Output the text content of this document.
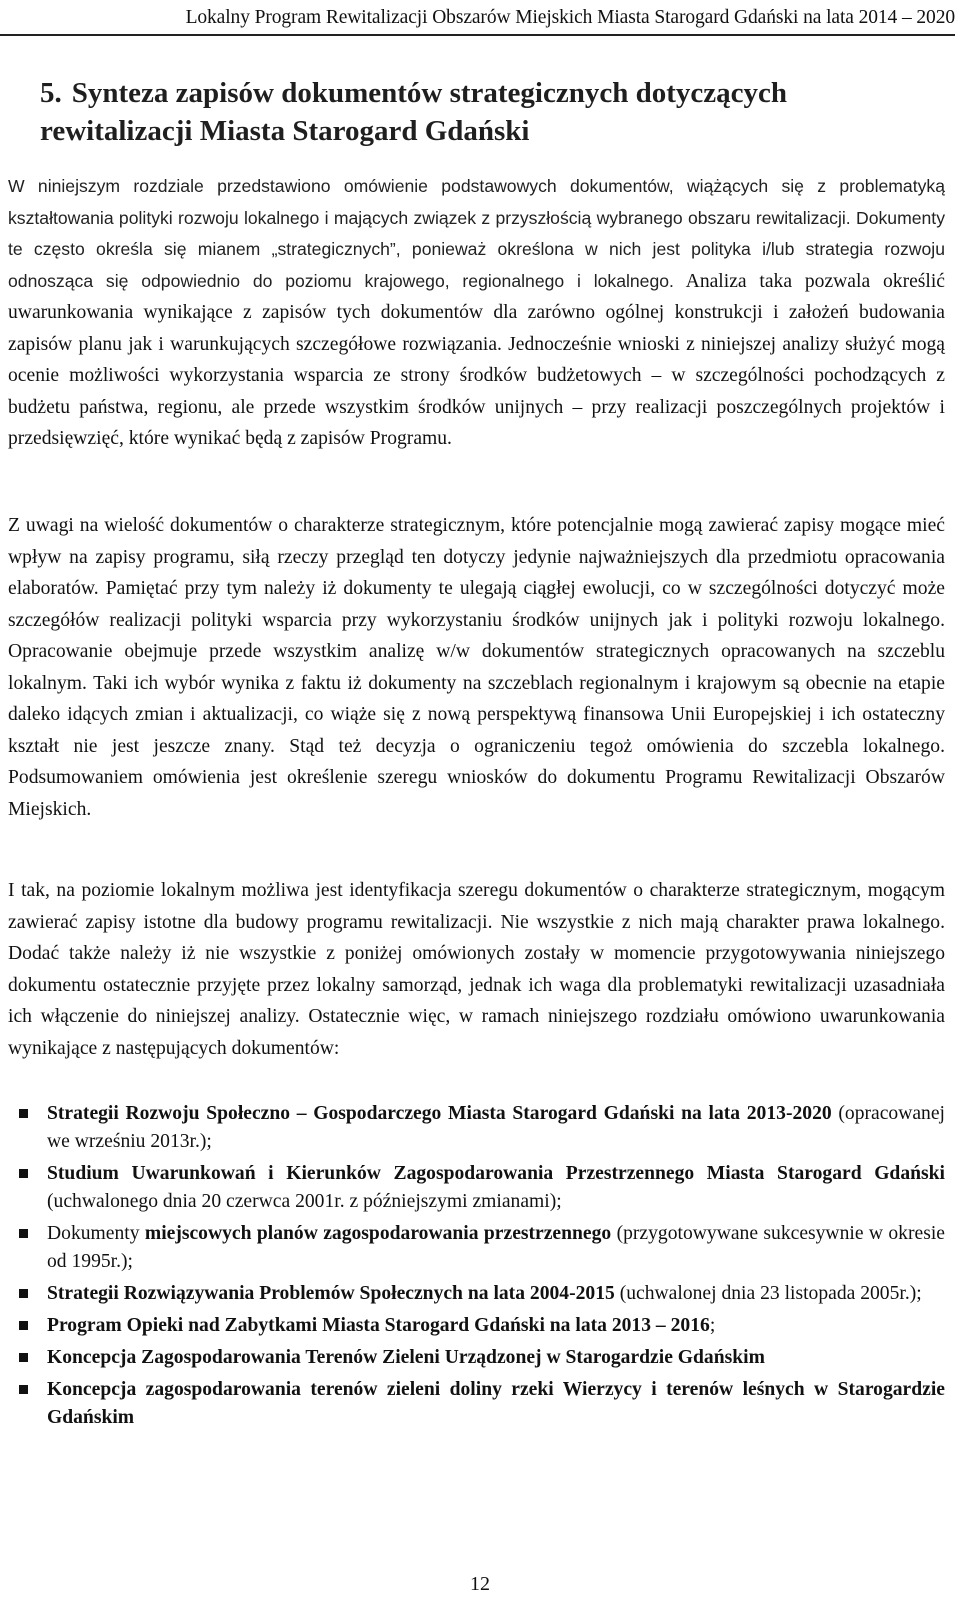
Lokalny Program Rewitalizacji Obszarów Miejskich Miasta Starogard Gdański na lata 2014 – 2020
5. Synteza zapisów dokumentów strategicznych dotyczących rewitalizacji Miasta Starogard Gdański
W niniejszym rozdziale przedstawiono omówienie podstawowych dokumentów, wiążących się z problematyką kształtowania polityki rozwoju lokalnego i mających związek z przyszłością wybranego obszaru rewitalizacji. Dokumenty te często określa się mianem „strategicznych”, ponieważ określona w nich jest polityka i/lub strategia rozwoju odnosząca się odpowiednio do poziomu krajowego, regionalnego i lokalnego. Analiza taka pozwala określić uwarunkowania wynikające z zapisów tych dokumentów dla zarówno ogólnej konstrukcji i założeń budowania zapisów planu jak i warunkujących szczegółowe rozwiązania. Jednocześnie wnioski z niniejszej analizy służyć mogą ocenie możliwości wykorzystania wsparcia ze strony środków budżetowych – w szczególności pochodzących z budżetu państwa, regionu, ale przede wszystkim środków unijnych – przy realizacji poszczególnych projektów i przedsięwzięć, które wynikać będą z zapisów Programu.
Z uwagi na wielość dokumentów o charakterze strategicznym, które potencjalnie mogą zawierać zapisy mogące mieć wpływ na zapisy programu, siłą rzeczy przegląd ten dotyczy jedynie najważniejszych dla przedmiotu opracowania elaboratów. Pamiętać przy tym należy iż dokumenty te ulegają ciągłej ewolucji, co w szczególności dotyczyć może szczegółów realizacji polityki wsparcia przy wykorzystaniu środków unijnych jak i polityki rozwoju lokalnego. Opracowanie obejmuje przede wszystkim analizę w/w dokumentów strategicznych opracowanych na szczeblu lokalnym. Taki ich wybór wynika z faktu iż dokumenty na szczeblach regionalnym i krajowym są obecnie na etapie daleko idących zmian i aktualizacji, co wiąże się z nową perspektywą finansowa Unii Europejskiej i ich ostateczny kształt nie jest jeszcze znany. Stąd też decyzja o ograniczeniu tegoż omówienia do szczebla lokalnego. Podsumowaniem omówienia jest określenie szeregu wniosków do dokumentu Programu Rewitalizacji Obszarów Miejskich.
I tak, na poziomie lokalnym możliwa jest identyfikacja szeregu dokumentów o charakterze strategicznym, mogącym zawierać zapisy istotne dla budowy programu rewitalizacji. Nie wszystkie z nich mają charakter prawa lokalnego. Dodać także należy iż nie wszystkie z poniżej omówionych zostały w momencie przygotowywania niniejszego dokumentu ostatecznie przyjęte przez lokalny samorząd, jednak ich waga dla problematyki rewitalizacji uzasadniała ich włączenie do niniejszej analizy. Ostatecznie więc, w ramach niniejszego rozdziału omówiono uwarunkowania wynikające z następujących dokumentów:
Strategii Rozwoju Społeczno – Gospodarczego Miasta Starogard Gdański na lata 2013-2020 (opracowanej we wrześniu 2013r.);
Studium Uwarunkowań i Kierunków Zagospodarowania Przestrzennego Miasta Starogard Gdański (uchwalonego dnia 20 czerwca 2001r. z późniejszymi zmianami);
Dokumenty miejscowych planów zagospodarowania przestrzennego (przygotowywane sukcesywnie w okresie od 1995r.);
Strategii Rozwiązywania Problemów Społecznych na lata 2004-2015 (uchwalonej dnia 23 listopada 2005r.);
Program Opieki nad Zabytkami Miasta Starogard Gdański na lata 2013 – 2016;
Koncepcja Zagospodarowania Terenów Zieleni Urządzonej w Starogardzie Gdańskim
Koncepcja zagospodarowania terenów zieleni doliny rzeki Wierzycy i terenów leśnych w Starogardzie Gdańskim
12
